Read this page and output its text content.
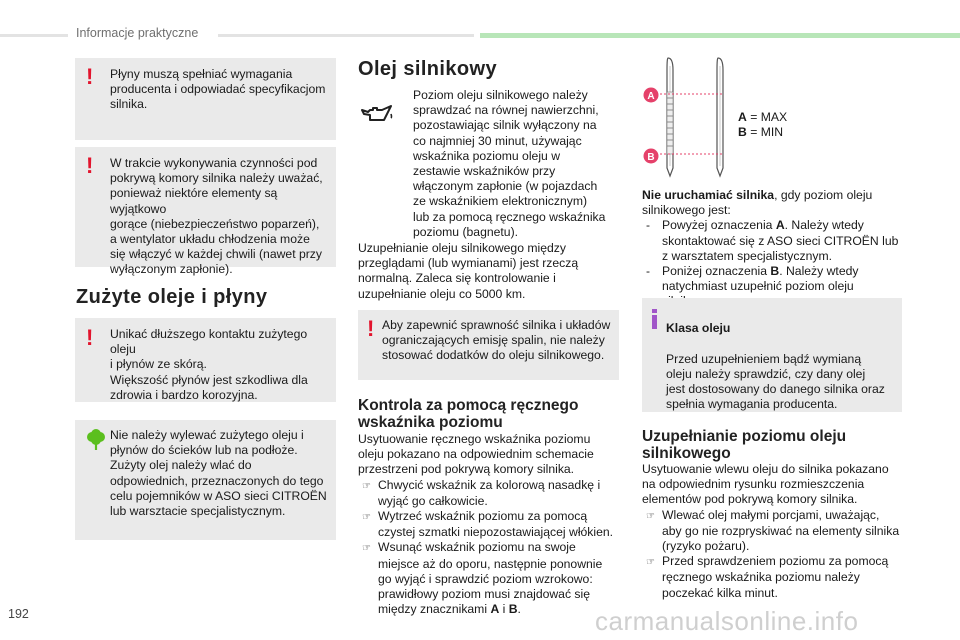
Informacje praktyczne
! Płyny muszą spełniać wymagania
producenta i odpowiadać specyfikacjom
silnika.
! W trakcie wykonywania czynności pod
pokrywą komory silnika należy uważać,
ponieważ niektóre elementy są wyjątkowo
gorące (niebezpieczeństwo poparzeń),
a wentylator układu chłodzenia może
się włączyć w każdej chwili (nawet przy
wyłączonym zapłonie).
Zużyte oleje i płyny
! Unikać dłuższego kontaktu zużytego oleju
i płynów ze skórą.
Większość płynów jest szkodliwa dla
zdrowia i bardzo korozyjna.
Nie należy wylewać zużytego oleju i
płynów do ścieków lub na podłoże.
Zużyty olej należy wlać do
odpowiednich, przeznaczonych do tego
celu pojemników w ASO sieci CITROËN
lub warsztacie specjalistycznym.
Olej silnikowy
Poziom oleju silnikowego należy
sprawdzać na równej nawierzchni,
pozostawiając silnik wyłączony na
co najmniej 30 minut, używając
wskaźnika poziomu oleju w
zestawie wskaźników przy
włączonym zapłonie (w pojazdach
ze wskaźnikiem elektronicznym)
lub za pomocą ręcznego wskaźnika
poziomu (bagnetu).
Uzupełnianie oleju silnikowego między
przeglądami (lub wymianami) jest rzeczą
normalną. Zaleca się kontrolowanie i
uzupełnianie oleju co 5000 km.
! Aby zapewnić sprawność silnika i układów
ograniczających emisję spalin, nie należy
stosować dodatków do oleju silnikowego.
Kontrola za pomocą ręcznego
wskaźnika poziomu
Usytuowanie ręcznego wskaźnika poziomu
oleju pokazano na odpowiednim schemacie
przestrzeni pod pokrywą komory silnika.
☞ Chwycić wskaźnik za kolorową nasadkę i
wyjąć go całkowicie.
☞ Wytrzeć wskaźnik poziomu za pomocą
czystej szmatki niepozostawiającej włókien.
☞ Wsunąć wskaźnik poziomu na swoje
miejsce aż do oporu, następnie ponownie
go wyjąć i sprawdzić poziom wzrokowo:
prawidłowy poziom musi znajdować się
między znacznikami A i B.
A
B
A = MAX
B = MIN
Nie uruchamiać silnika, gdy poziom oleju
silnikowego jest:
- Powyżej oznaczenia A. Należy wtedy
skontaktować się z ASO sieci CITROËN lub
z warsztatem specjalistycznym.
- Poniżej oznaczenia B. Należy wtedy
natychmiast uzupełnić poziom oleju

Klasa oleju

Przed uzupełnieniem bądź wymianą
oleju należy sprawdzić, czy dany olej
jest dostosowany do danego silnika oraz
spełnia wymagania producenta.

Uzupełnianie poziomu oleju
silnikowego
Usytuowanie wlewu oleju do silnika pokazano
na odpowiednim rysunku rozmieszczenia
elementów pod pokrywą komory silnika.
☞ Wlewać olej małymi porcjami, uważając,
aby go nie rozpryskiwać na elementy silnika
(ryzyko pożaru).
☞ Przed sprawdzeniem poziomu za pomocą
ręcznego wskaźnika poziomu należy
poczekać kilka minut.
192	carmanualsonline.info
